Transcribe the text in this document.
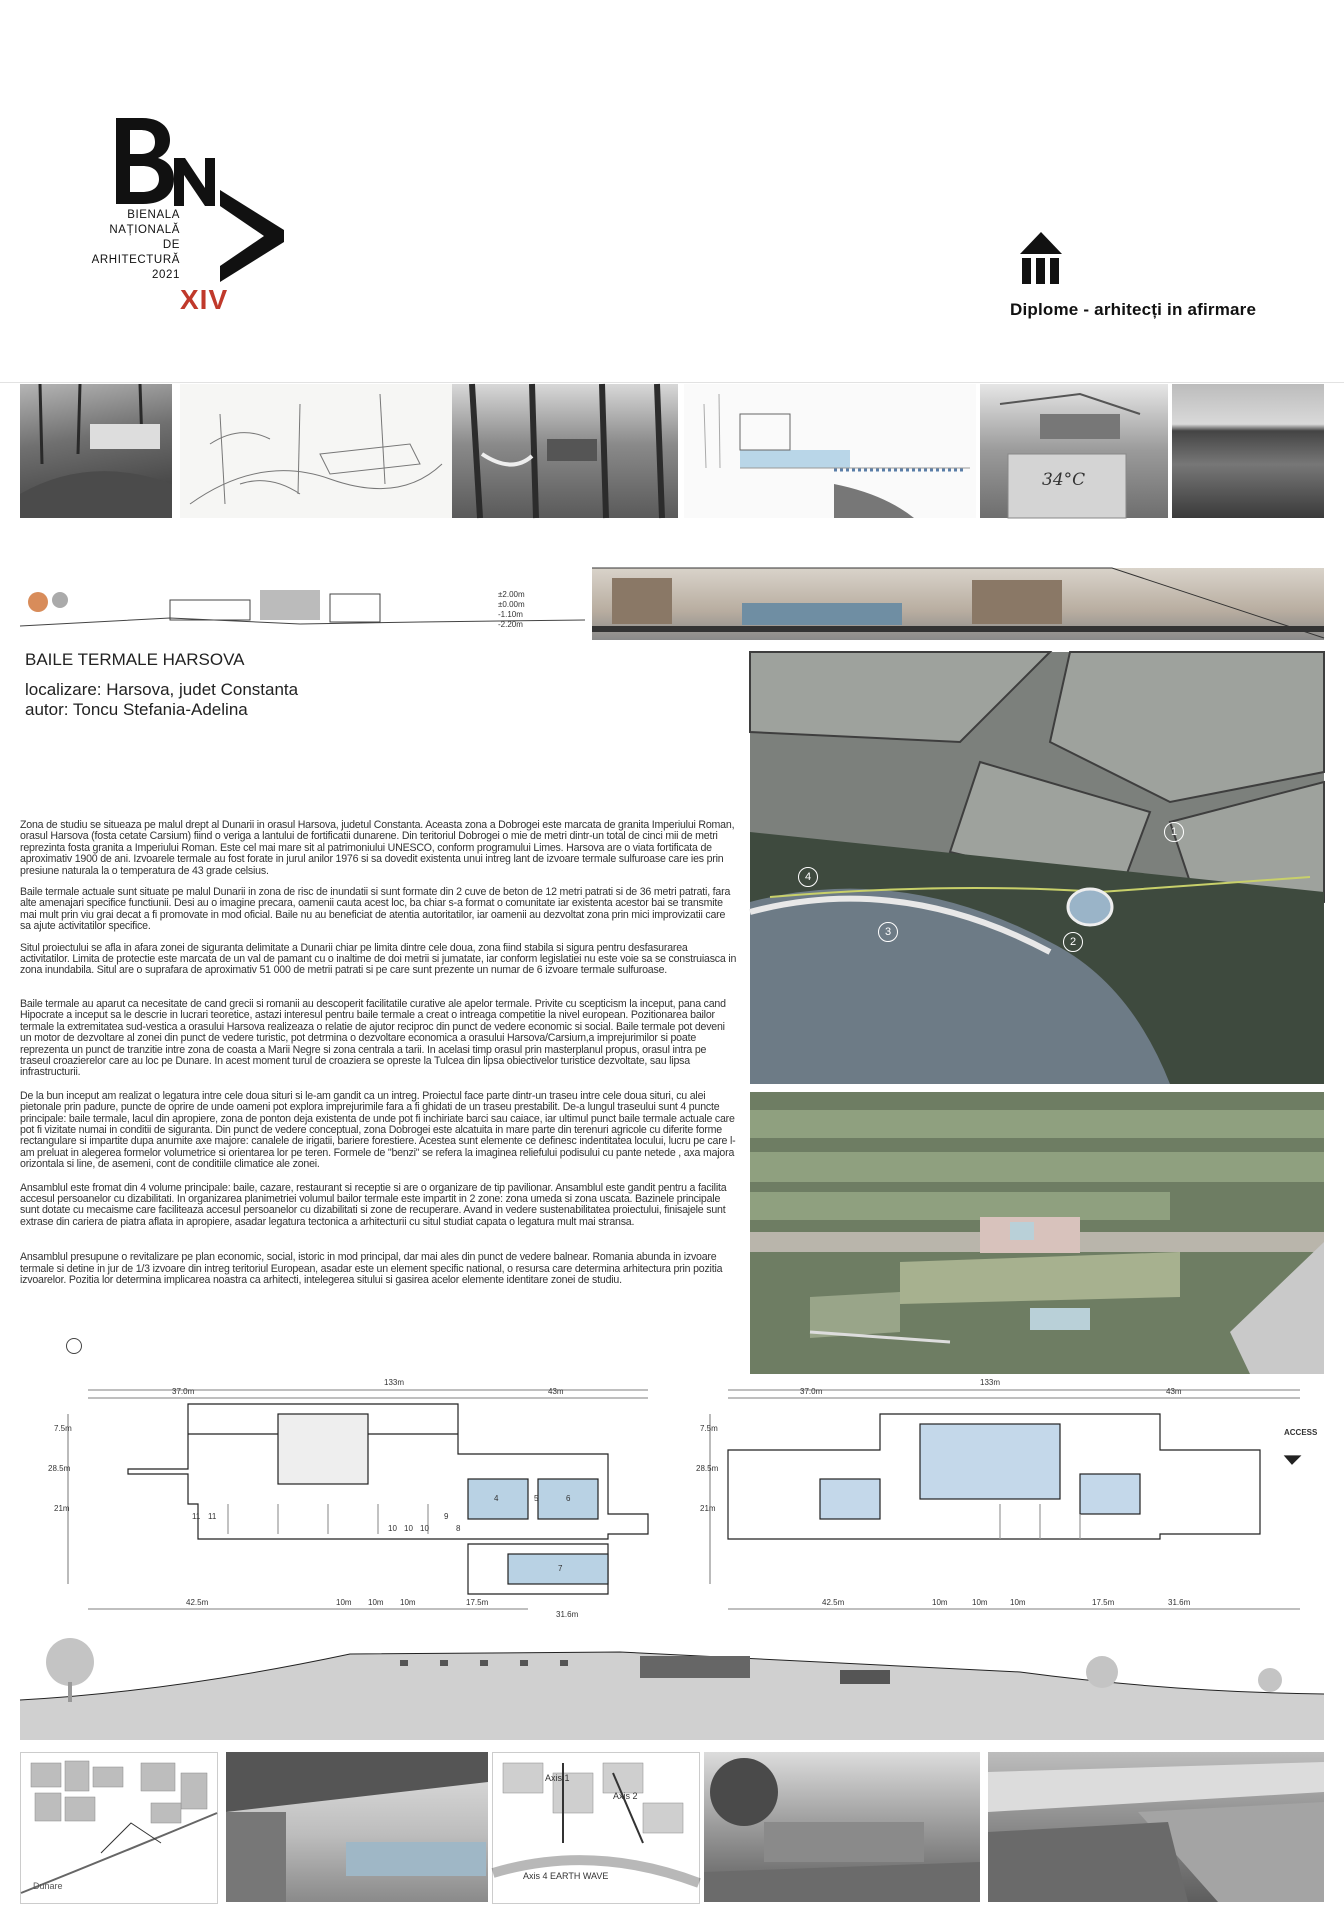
XIV
BIENALA
NAȚIONALĂ
DE
ARHITECTURĂ
2021
Diplome - arhitecți in afirmare
34°C
±2.00m
±0.00m
-1.10m
-2.20m
BAILE TERMALE HARSOVA
localizare: Harsova, judet Constanta
autor: Toncu Stefania-Adelina

Zona de studiu se situeaza pe malul drept al Dunarii in orasul Harsova, judetul Constanta. Aceasta zona a Dobrogei este marcata de granita Imperiului Roman, orasul Harsova (fosta cetate Carsium) fiind o veriga a lantului de fortificatii dunarene. Din teritoriul Dobrogei o mie de metri dintr-un total de cinci mii de metri reprezinta fosta granita a Imperiului Roman. Este cel mai mare sit al patrimoniului UNESCO, conform programului Limes. Harsova are o viata fortificata de aproximativ 1900 de ani. Izvoarele termale au fost forate in jurul anilor 1976 si sa dovedit existenta unui intreg lant de izvoare termale sulfuroase care ies prin presiune naturala la o temperatura de 43 grade celsius.

Baile termale actuale sunt situate pe malul Dunarii in zona de risc de inundatii si sunt formate din 2 cuve de beton de 12 metri patrati si de 36 metri patrati, fara alte amenajari specifice functiunii. Desi au o imagine precara, oamenii cauta acest loc, ba chiar s-a format o comunitate iar existenta acestor bai se transmite mai mult prin viu grai decat a fi promovate in mod oficial. Baile nu au beneficiat de atentia autoritatilor, iar oamenii au dezvoltat zona prin mici improvizatii care sa ajute activitatilor specifice.

Situl proiectului se afla in afara zonei de siguranta delimitate a Dunarii chiar pe limita dintre cele doua, zona fiind stabila si sigura pentru desfasurarea activitatilor. Limita de protectie este marcata de un val de pamant cu o inaltime de doi metrii si jumatate, iar conform legislatiei nu este voie sa se construiasca in zona inundabila. Situl are o suprafara de aproximativ 51 000 de metrii patrati si pe care sunt prezente un numar de 6 izvoare termale sulfuroase.

Baile termale au aparut ca necesitate de cand grecii si romanii au descoperit facilitatile curative ale apelor termale. Privite cu scepticism la inceput, pana cand Hipocrate a inceput sa le descrie in lucrari teoretice, astazi interesul pentru baile termale a creat o intreaga competitie la nivel european. Pozitionarea bailor termale la extremitatea sud-vestica a orasului Harsova realizeaza o relatie de ajutor reciproc din punct de vedere economic si social. Baile termale pot deveni un motor de dezvoltare al zonei din punct de vedere turistic, pot detrmina o dezvoltare economica a orasului Harsova/Carsium,a imprejurimilor si poate reprezenta un punct de tranzitie intre zona de coasta a Marii Negre si zona centrala a tarii. In acelasi timp orasul prin masterplanul propus, orasul intra pe traseul croazierelor care au loc pe Dunare. In acest moment turul de croaziera se opreste la Tulcea din lipsa obiectivelor turistice dezvoltate, sau lipsa infrastructurii.

De la bun inceput am realizat o legatura intre cele doua situri si le-am gandit ca un intreg. Proiectul face parte dintr-un traseu intre cele doua situri, cu alei pietonale prin padure, puncte de oprire de unde oameni pot explora imprejurimile fara a fi ghidati de un traseu prestabilit. De-a lungul traseului sunt 4 puncte principale: baile termale, lacul din apropiere, zona de ponton deja existenta de unde pot fi inchiriate barci sau caiace, iar ultimul punct baile termale actuale care pot fi vizitate numai in conditii de siguranta. Din punct de vedere conceptual, zona Dobrogei este alcatuita in mare parte din terenuri agricole cu diferite forme rectangulare si impartite dupa anumite axe majore: canalele de irigatii, bariere forestiere. Acestea sunt elemente ce definesc indentitatea locului, lucru pe care l-am preluat in alegerea formelor volumetrice si orientarea lor pe teren. Formele de "benzi" se refera la imaginea reliefului podisului cu pante netede , axa majora orizontala si line, de asemeni, cont de conditiile climatice ale zonei.

Ansamblul este fromat din 4 volume principale: baile, cazare, restaurant si receptie si are o organizare de tip pavilionar. Ansamblul este gandit pentru a facilita accesul persoanelor cu dizabilitati. In organizarea planimetriei volumul bailor termale este impartit in 2 zone: zona umeda si zona uscata. Bazinele principale sunt dotate cu mecaisme care faciliteaza accesul persoanelor cu dizabilitati si zone de recuperare. Avand in vedere sustenabilitatea proiectului, finisajele sunt extrase din cariera de piatra aflata in apropiere, asadar legatura tectonica a arhitecturii cu situl studiat capata o legatura mult mai stransa.

Ansamblul presupune o revitalizare pe plan economic, social, istoric in mod principal, dar mai ales din punct de vedere balnear. Romania abunda in izvoare termale si detine in jur de 1/3 izvoare din intreg teritoriul European, asadar este un element specific national, o resursa care determina arhitectura prin pozitia izvoarelor. Pozitia lor determina implicarea noastra ca arhitecti, intelegerea sitului si gasirea acelor elemente identitare zonei de studiu.

1
2
3
4
133m
37.0m	43m
42.5m	10m 10m 10m	17.5m
31.6m
28.5m
21m
7.5m
11 11
10 10 10
9
8
4	5	6
7
133m
37.0m	43m
42.5m	10m	10m	10m	17.5m	31.6m
28.5m
21m
7.5m	ACCESS
Dunare
Axis 1
Axis 2
Axis 4 EARTH WAVE
